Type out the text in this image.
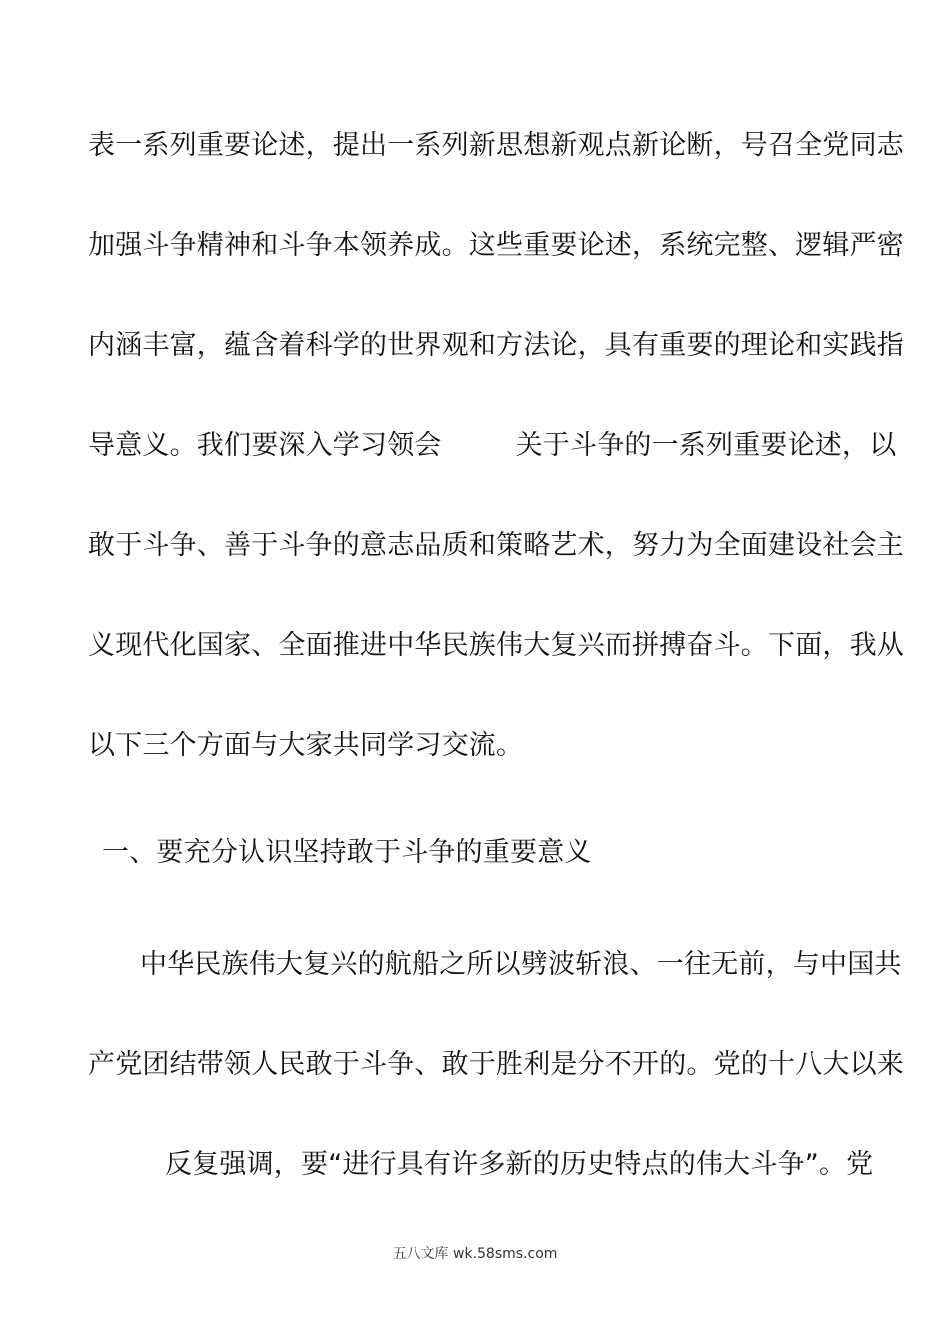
表一系列重要论述，提出一系列新思想新观点新论断，号召全党同志
加强斗争精神和斗争本领养成。这些重要论述，系统完整、逻辑严密
内涵丰富，蕴含着科学的世界观和方法论，具有重要的理论和实践指
导意义。我们要深入学习领会	关于斗争的一系列重要论述，以
敢于斗争、善于斗争的意志品质和策略艺术，努力为全面建设社会主
义现代化国家、全面推进中华民族伟大复兴而拼搏奋斗。下面，我从
以下三个方面与大家共同学习交流。
一、要充分认识坚持敢于斗争的重要意义
中华民族伟大复兴的航船之所以劈波斩浪、一往无前，与中国共
产党团结带领人民敢于斗争、敢于胜利是分不开的。党的十八大以来
反复强调，要“进行具有许多新的历史特点的伟大斗争”。党
五八文库 wk.58sms.com
